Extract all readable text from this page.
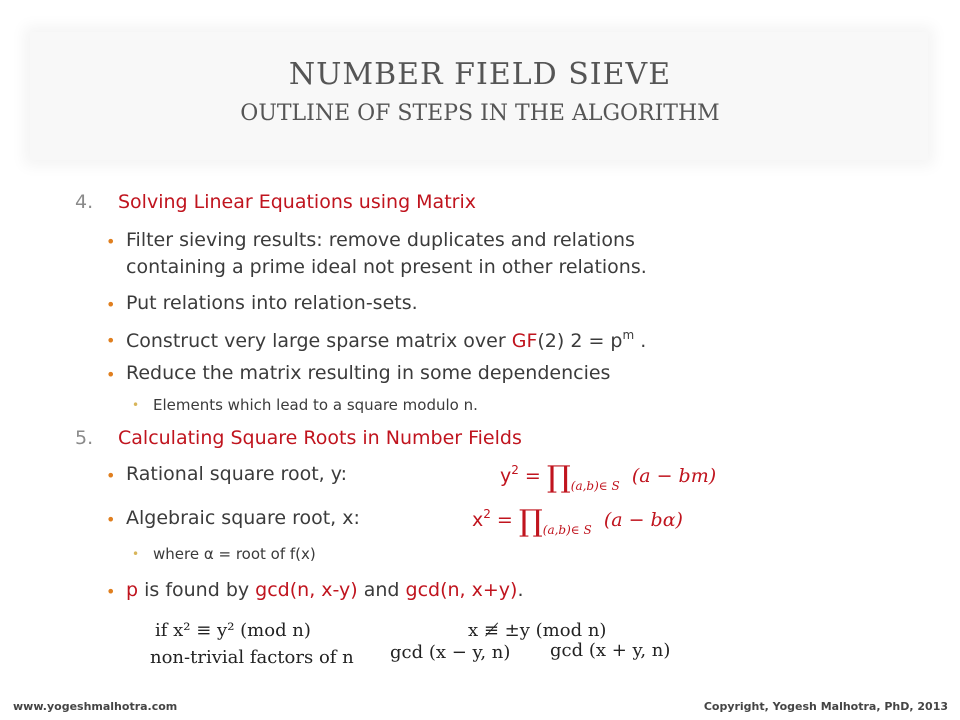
NUMBER FIELD SIEVE
OUTLINE OF STEPS IN THE ALGORITHM
4. Solving Linear Equations using Matrix
• Filter sieving results: remove duplicates and relations
containing a prime ideal not present in other relations.
• Put relations into relation-sets.
• Construct very large sparse matrix over GF(2) $2 = p^m$ .
• Reduce the matrix resulting in some dependencies
• Elements which lead to a square modulo n.
5. Calculating Square Roots in Number Fields
• Rational square root, y:	$y^2$ = $\prod_{(a,b)\in S}$ (a − bm)
• Algebraic square root, x:	$x^2$ = $\prod_{(a,b)\in S}$ (a − bα)
• where α = root of f(x)
• p is found by gcd(n, x-y) and gcd(n, x+y).
if x² ≡ y² (mod n)	x ≢ ±y (mod n)
non-trivial factors of n gcd (x − y, n) gcd (x + y, n)
www.yogeshmalhotra.com	Copyright, Yogesh Malhotra, PhD, 2013
